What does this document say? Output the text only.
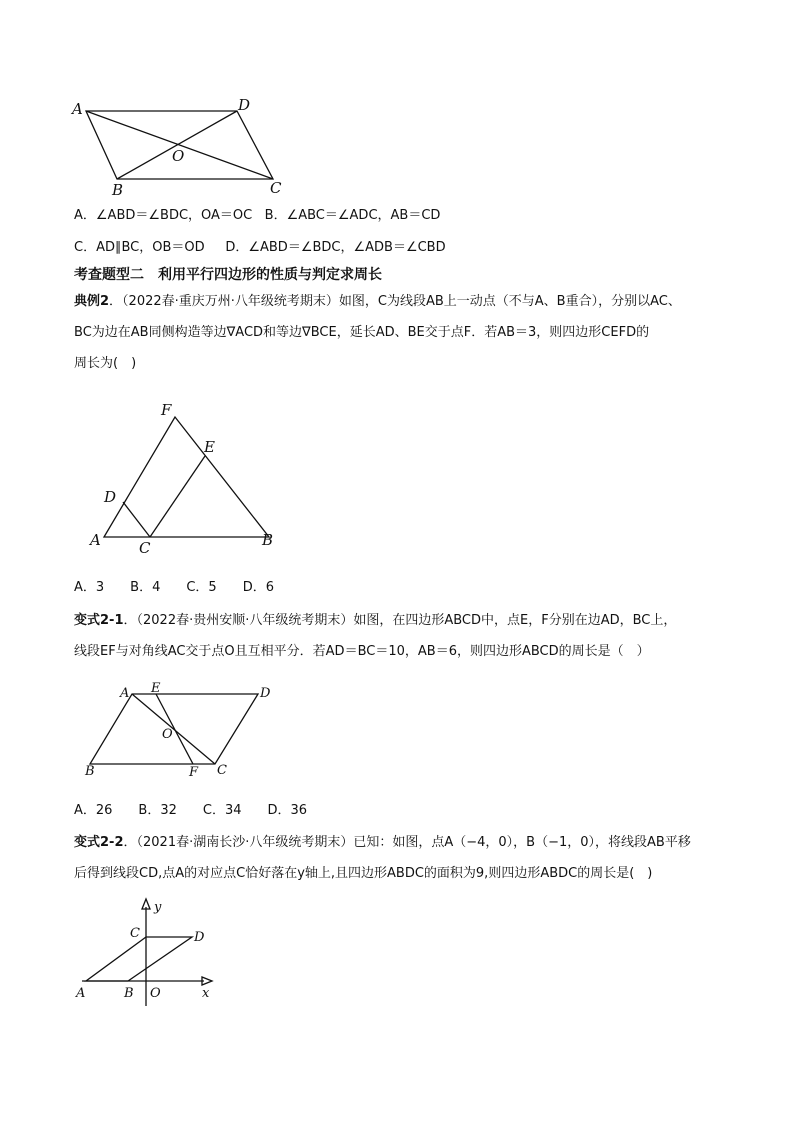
A	D
O
B	C
A．∠ABD＝∠BDC，OA＝OC B．∠ABC＝∠ADC，AB＝CD
C．AD∥BC，OB＝OD D．∠ABD＝∠BDC，∠ADB＝∠CBD
考查题型二　利用平行四边形的性质与判定求周长
典例2．（2022春·重庆万州·八年级统考期末）如图，C为线段AB上一动点（不与A、B重合），分别以AC、
BC为边在AB同侧构造等边∇ACD和等边∇BCE，延长AD、BE交于点F．若AB＝3，则四边形CEFD的
周长为(　)
F
E
D
A	C	B
A．3　　B．4　　C．5　　D．6
变式2-1．（2022春·贵州安顺·八年级统考期末）如图，在四边形ABCD中，点E，F分别在边AD，BC上，
线段EF与对角线AC交于点O且互相平分．若AD＝BC＝10，AB＝6，则四边形ABCD的周长是（　）
A E	D
O
B	F C
A．26　　B．32　　C．34　　D．36
变式2-2．（2021春·湖南长沙·八年级统考期末）已知：如图，点A（−4，0），B（−1，0），将线段AB平移
后得到线段CD,点A的对应点C恰好落在y轴上,且四边形ABDC的面积为9,则四边形ABDC的周长是(　)
y
C	D
A	B O	x
